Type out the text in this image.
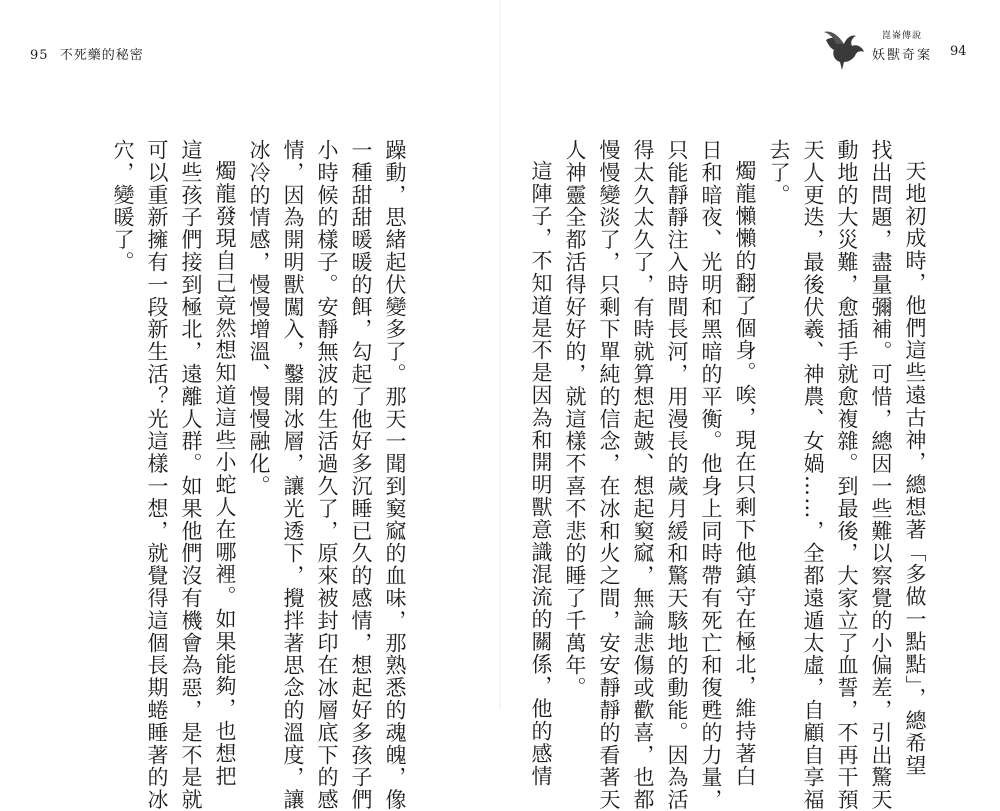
95 不死藥的秘密
崑崙傳說
妖獸奇案 94
天地初成時，他們這些遠古神，總想著「多做一點點」，總希望
找出問題，盡量彌補。可惜，總因一些難以察覺的小偏差，引出驚天
動地的大災難，愈插手就愈複雜。到最後，大家立了血誓，不再干預
天人更迭，最後伏羲、神農、女媧……，全都遠遁太虛，自顧自享福
去了。
燭龍懶懶的翻了個身。唉，現在只剩下他鎮守在極北，維持著白
日和暗夜、光明和黑暗的平衡。他身上同時帶有死亡和復甦的力量，
只能靜靜注入時間長河，用漫長的歲月緩和驚天駭地的動能。因為活
得太久太久了，有時就算想起皷、想起窫窳，無論悲傷或歡喜，也都
慢慢變淡了，只剩下單純的信念，在冰和火之間，安安靜靜的看著天
人神靈全都活得好好的，就這樣不喜不悲的睡了千萬年。
這陣子，不知道是不是因為和開明獸意識混流的關係，他的感情
躁動，思緒起伏變多了。那天一聞到窫窳的血味，那熟悉的魂魄，像
一種甜甜暖暖的餌，勾起了他好多沉睡已久的感情，想起好多孩子們
小時候的樣子。安靜無波的生活過久了，原來被封印在冰層底下的感
情，因為開明獸闖入，鑿開冰層，讓光透下，攪拌著思念的溫度，讓
冰冷的情感，慢慢增溫、慢慢融化。
燭龍發現自己竟然想知道這些小蛇人在哪裡。如果能夠，也想把
這些孩子們接到極北，遠離人群。如果他們沒有機會為惡，是不是就
可以重新擁有一段新生活？光這樣一想，就覺得這個長期蜷睡著的冰
穴，變暖了。
